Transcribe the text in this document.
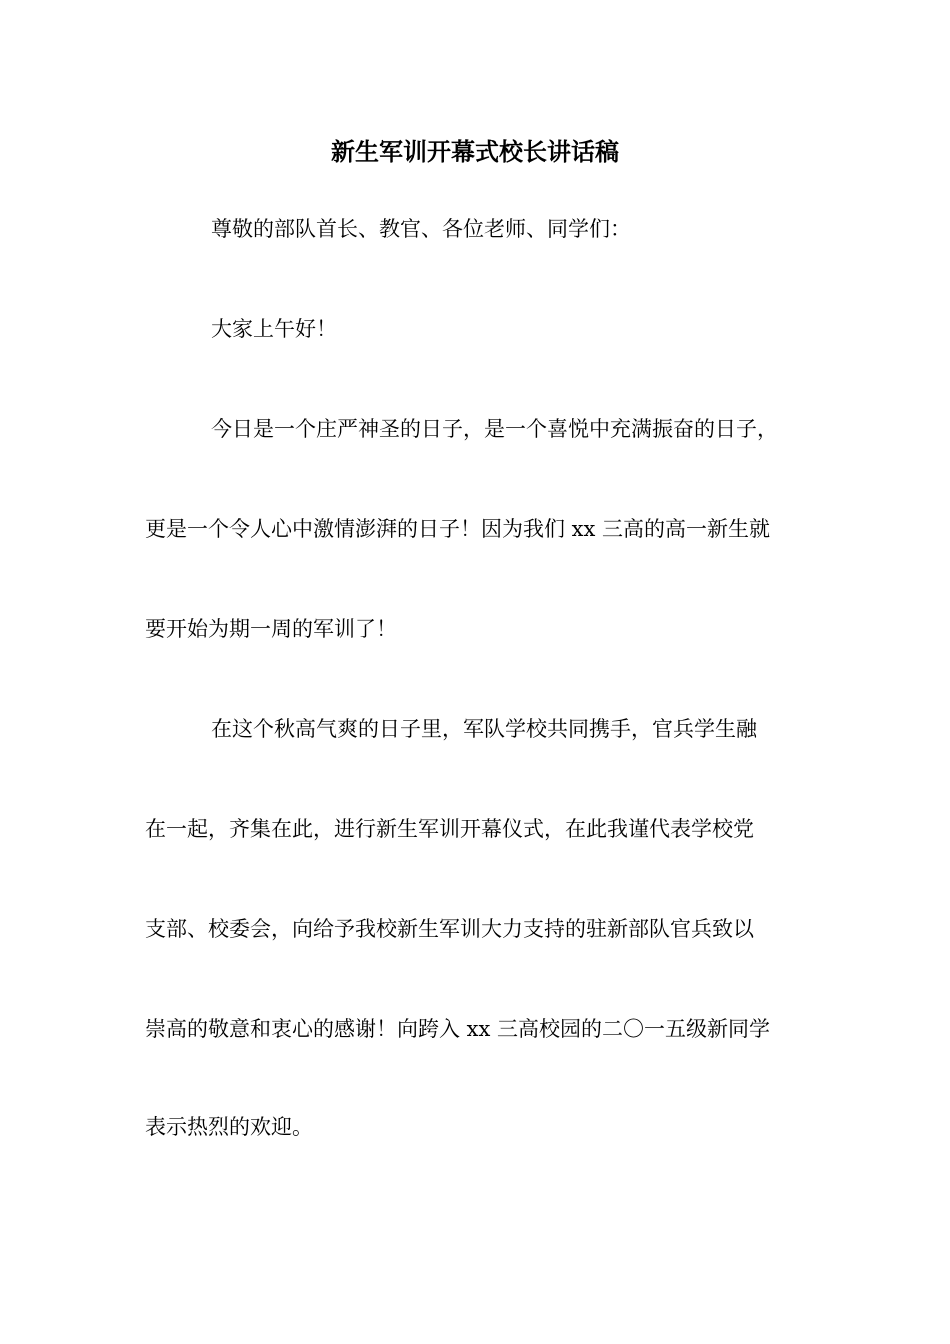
新生军训开幕式校长讲话稿
尊敬的部队首长、教官、各位老师、同学们：
大家上午好！
今日是一个庄严神圣的日子，是一个喜悦中充满振奋的日子，
更是一个令人心中激情澎湃的日子！因为我们 xx 三高的高一新生就
要开始为期一周的军训了！
在这个秋高气爽的日子里，军队学校共同携手，官兵学生融
在一起，齐集在此，进行新生军训开幕仪式，在此我谨代表学校党
支部、校委会，向给予我校新生军训大力支持的驻新部队官兵致以
崇高的敬意和衷心的感谢！向跨入 xx 三高校园的二〇一五级新同学
表示热烈的欢迎。
